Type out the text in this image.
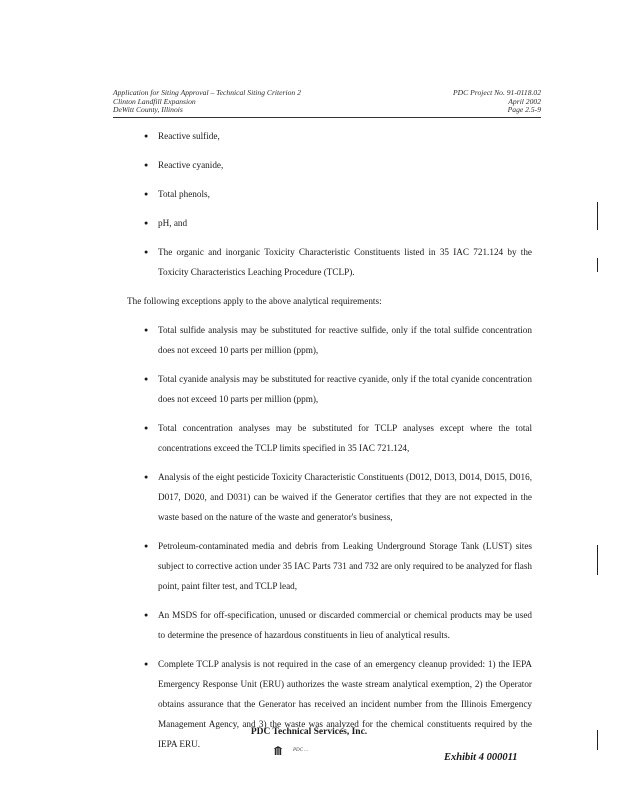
Application for Siting Approval – Technical Siting Criterion 2
Clinton Landfill Expansion
DeWitt County, Illinois
PDC Project No. 91-0118.02
April 2002
Page 2.5-9
● Reactive sulfide,
● Reactive cyanide,
● Total phenols,
● pH, and
● The organic and inorganic Toxicity Characteristic Constituents listed in 35 IAC 721.124 by the Toxicity Characteristics Leaching Procedure (TCLP).

The following exceptions apply to the above analytical requirements:

● Total sulfide analysis may be substituted for reactive sulfide, only if the total sulfide concentration does not exceed 10 parts per million (ppm),
● Total cyanide analysis may be substituted for reactive cyanide, only if the total cyanide concentration does not exceed 10 parts per million (ppm),
● Total concentration analyses may be substituted for TCLP analyses except where the total concentrations exceed the TCLP limits specified in 35 IAC 721.124,
● Analysis of the eight pesticide Toxicity Characteristic Constituents (D012, D013, D014, D015, D016, D017, D020, and D031) can be waived if the Generator certifies that they are not expected in the waste based on the nature of the waste and generator's business,
● Petroleum-contaminated media and debris from Leaking Underground Storage Tank (LUST) sites subject to corrective action under 35 IAC Parts 731 and 732 are only required to be analyzed for flash point, paint filter test, and TCLP lead,
● An MSDS for off-specification, unused or discarded commercial or chemical products may be used to determine the presence of hazardous constituents in lieu of analytical results.
● Complete TCLP analysis is not required in the case of an emergency cleanup provided: 1) the IEPA Emergency Response Unit (ERU) authorizes the waste stream analytical exemption, 2) the Operator obtains assurance that the Generator has received an incident number from the Illinois Emergency Management Agency, and 3) the waste was analyzed for the chemical constituents required by the IEPA ERU.
PDC Technical Services, Inc.
⟰ PDC ...
Exhibit 4 000011
